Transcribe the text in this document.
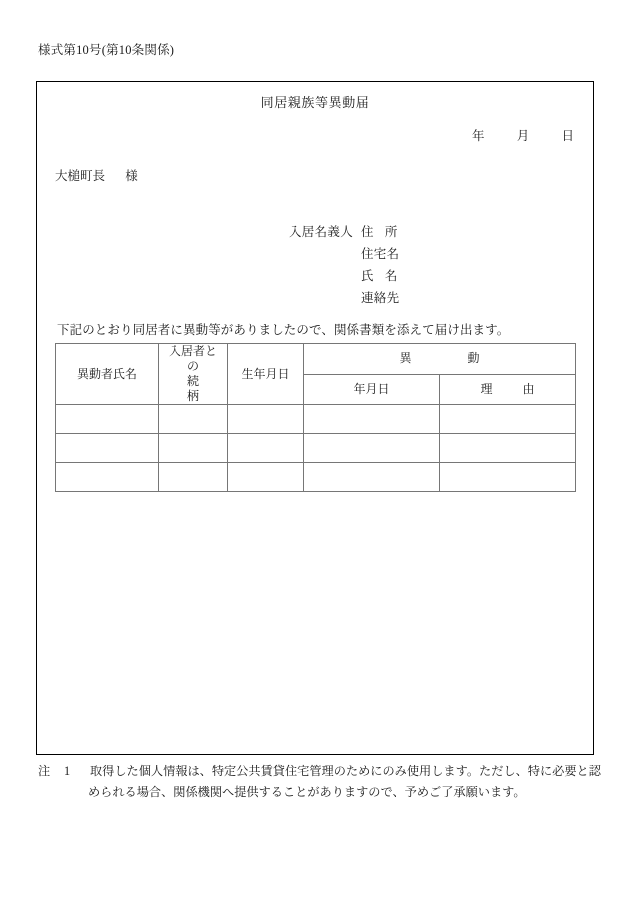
様式第10号(第10条関係)
同居親族等異動届
年	月	日
大槌町長 様
入居名義人 住 所
住宅名
氏 名
連絡先
下記のとおり同居者に異動等がありましたので、関係書類を添えて届け出ます。
異動者氏名	入居者と
の
続
柄	生年月日	異 動	
			年月日	理 由

注 1 取得した個人情報は、特定公共賃貸住宅管理のためにのみ使用します。ただし、特に必要と認
められる場合、関係機関へ提供することがありますので、予めご了承願います。
